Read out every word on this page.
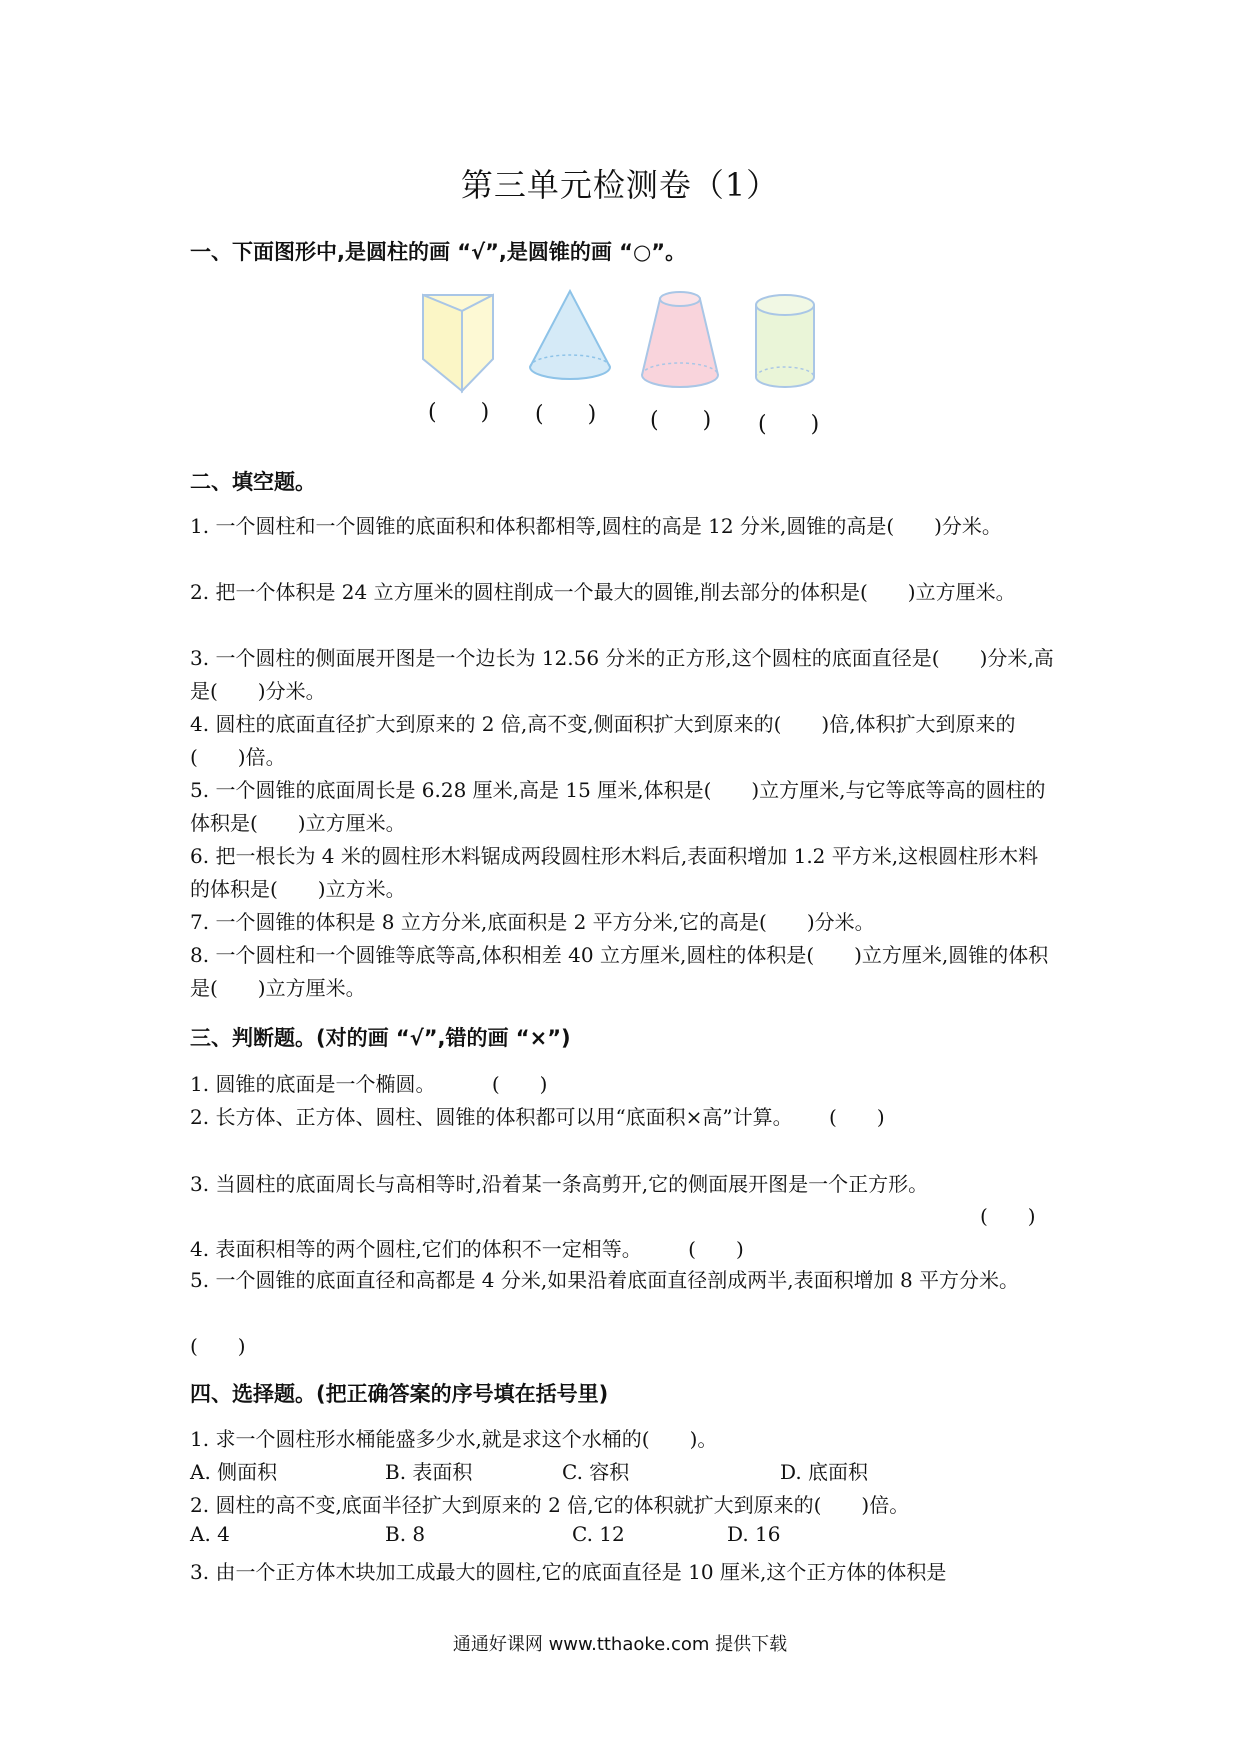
第三单元检测卷（1）
一、下面图形中,是圆柱的画 “√”,是圆锥的画 “○”。
(　　) (　　) (　　) (　　)
二、填空题。
1. 一个圆柱和一个圆锥的底面积和体积都相等,圆柱的高是 12 分米,圆锥的高是(　　)分米。
2. 把一个体积是 24 立方厘米的圆柱削成一个最大的圆锥,削去部分的体积是(　　)立方厘米。
3. 一个圆柱的侧面展开图是一个边长为 12.56 分米的正方形,这个圆柱的底面直径是(　　)分米,高是(　　)分米。
4. 圆柱的底面直径扩大到原来的 2 倍,高不变,侧面积扩大到原来的(　　)倍,体积扩大到原来的(　　)倍。
5. 一个圆锥的底面周长是 6.28 厘米,高是 15 厘米,体积是(　　)立方厘米,与它等底等高的圆柱的体积是(　　)立方厘米。
6. 把一根长为 4 米的圆柱形木料锯成两段圆柱形木料后,表面积增加 1.2 平方米,这根圆柱形木料的体积是(　　)立方米。
7. 一个圆锥的体积是 8 立方分米,底面积是 2 平方分米,它的高是(　　)分米。
8. 一个圆柱和一个圆锥等底等高,体积相差 40 立方厘米,圆柱的体积是(　　)立方厘米,圆锥的体积是(　　)立方厘米。
三、判断题。(对的画 “√”,错的画 “×”)
1. 圆锥的底面是一个椭圆。	(　　)
2. 长方体、正方体、圆柱、圆锥的体积都可以用“底面积×高”计算。 (　　)
3. 当圆柱的底面周长与高相等时,沿着某一条高剪开,它的侧面展开图是一个正方形。
(　　)
4. 表面积相等的两个圆柱,它们的体积不一定相等。 (　　)
5. 一个圆锥的底面直径和高都是 4 分米,如果沿着底面直径剖成两半,表面积增加 8 平方分米。
(　　)
四、选择题。(把正确答案的序号填在括号里)
1. 求一个圆柱形水桶能盛多少水,就是求这个水桶的(　　)。
A. 侧面积	B. 表面积	C. 容积	D. 底面积
2. 圆柱的高不变,底面半径扩大到原来的 2 倍,它的体积就扩大到原来的(　　)倍。
A. 4	B. 8	C. 12	D. 16
3. 由一个正方体木块加工成最大的圆柱,它的底面直径是 10 厘米,这个正方体的体积是
通通好课网 www.tthaoke.com 提供下载
